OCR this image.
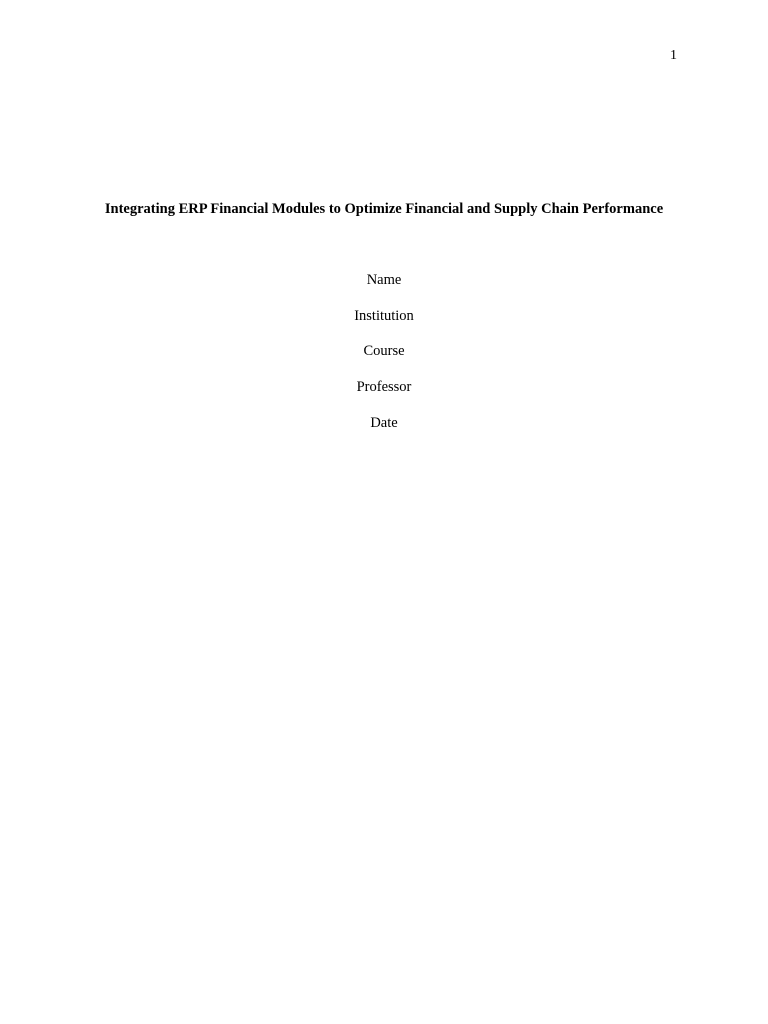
1
Integrating ERP Financial Modules to Optimize Financial and Supply Chain Performance
Name
Institution
Course
Professor
Date
